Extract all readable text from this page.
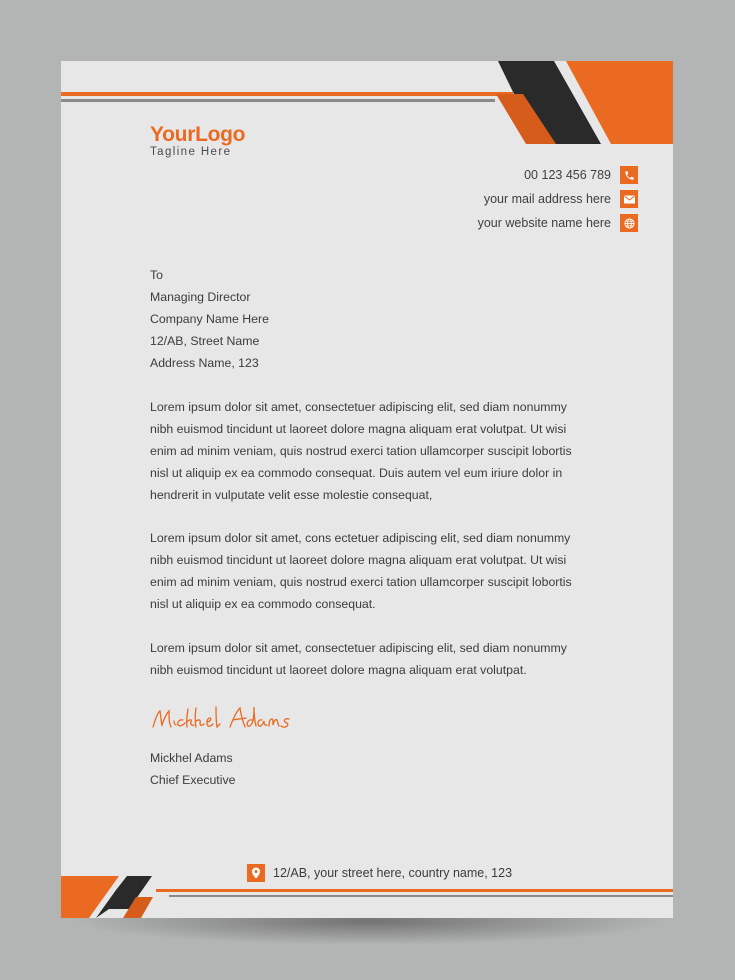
YourLogo
Tagline Here
00 123 456 789
your mail address here
your website name here

To

Managing Director

Company Name Here

12/AB, Street Name

Address Name, 123

Lorem ipsum dolor sit amet, consectetuer adipiscing elit, sed diam nonummy nibh euismod tincidunt ut laoreet dolore magna aliquam erat volutpat. Ut wisi enim ad minim veniam, quis nostrud exerci tation ullamcorper suscipit lobortis nisl ut aliquip ex ea commodo consequat. Duis autem vel eum iriure dolor in hendrerit in vulputate velit esse molestie consequat,

Lorem ipsum dolor sit amet, cons ectetuer adipiscing elit, sed diam nonummy nibh euismod tincidunt ut laoreet dolore magna aliquam erat volutpat. Ut wisi enim ad minim veniam, quis nostrud exerci tation ullamcorper suscipit lobortis nisl ut aliquip ex ea commodo consequat.

Lorem ipsum dolor sit amet, consectetuer adipiscing elit, sed diam nonummy nibh euismod tincidunt ut laoreet dolore magna aliquam erat volutpat.

Mickhel Adams

Chief Executive

12/AB, your street here, country name, 123
